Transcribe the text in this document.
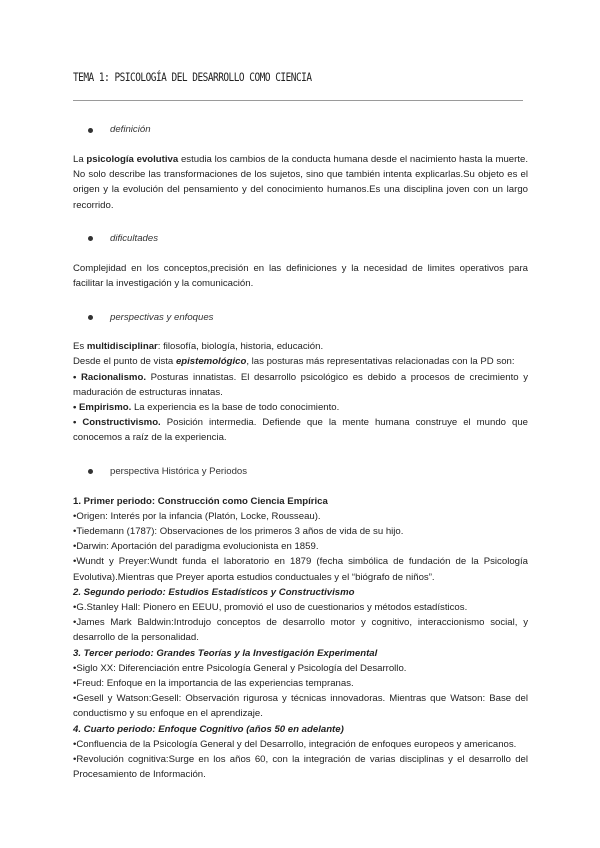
TEMA 1: PSICOLOGÍA DEL DESARROLLO COMO CIENCIA
definición

La psicología evolutiva estudia los cambios de la conducta humana desde el nacimiento hasta la muerte. No solo describe las transformaciones de los sujetos, sino que también intenta explicarlas.Su objeto es el origen y la evolución del pensamiento y del conocimiento humanos.Es una disciplina joven con un largo recorrido.

dificultades

Complejidad en los conceptos,precisión en las definiciones y la necesidad de limites operativos para facilitar la investigación y la comunicación.

perspectivas y enfoques

Es multidisciplinar: filosofía, biología, historia, educación.

Desde el punto de vista epistemológico, las posturas más representativas relacionadas con la PD son:

• Racionalismo. Posturas innatistas. El desarrollo psicológico es debido a procesos de crecimiento y maduración de estructuras innatas.

• Empirismo. La experiencia es la base de todo conocimiento.

• Constructivismo. Posición intermedia. Defiende que la mente humana construye el mundo que conocemos a raíz de la experiencia.

perspectiva Histórica y Periodos

1. Primer periodo: Construcción como Ciencia Empírica

•Origen: Interés por la infancia (Platón, Locke, Rousseau).

•Tiedemann (1787): Observaciones de los primeros 3 años de vida de su hijo.

•Darwin: Aportación del paradigma evolucionista en 1859.

•Wundt y Preyer:Wundt funda el laboratorio en 1879 (fecha simbólica de fundación de la Psicología Evolutiva).Mientras que Preyer aporta estudios conductuales y el “biógrafo de niños”.

2. Segundo periodo: Estudios Estadísticos y Constructivismo

•G.Stanley Hall: Pionero en EEUU, promovió el uso de cuestionarios y métodos estadísticos.

•James Mark Baldwin:Introdujo conceptos de desarrollo motor y cognitivo, interaccionismo social, y desarrollo de la personalidad.

3. Tercer periodo: Grandes Teorías y la Investigación Experimental

•Siglo XX: Diferenciación entre Psicología General y Psicología del Desarrollo.

•Freud: Enfoque en la importancia de las experiencias tempranas.

•Gesell y Watson:Gesell: Observación rigurosa y técnicas innovadoras. Mientras que Watson: Base del conductismo y su enfoque en el aprendizaje.

4. Cuarto periodo: Enfoque Cognitivo (años 50 en adelante)

•Confluencia de la Psicología General y del Desarrollo, integración de enfoques europeos y americanos.

•Revolución cognitiva:Surge en los años 60, con la integración de varias disciplinas y el desarrollo del Procesamiento de Información.
